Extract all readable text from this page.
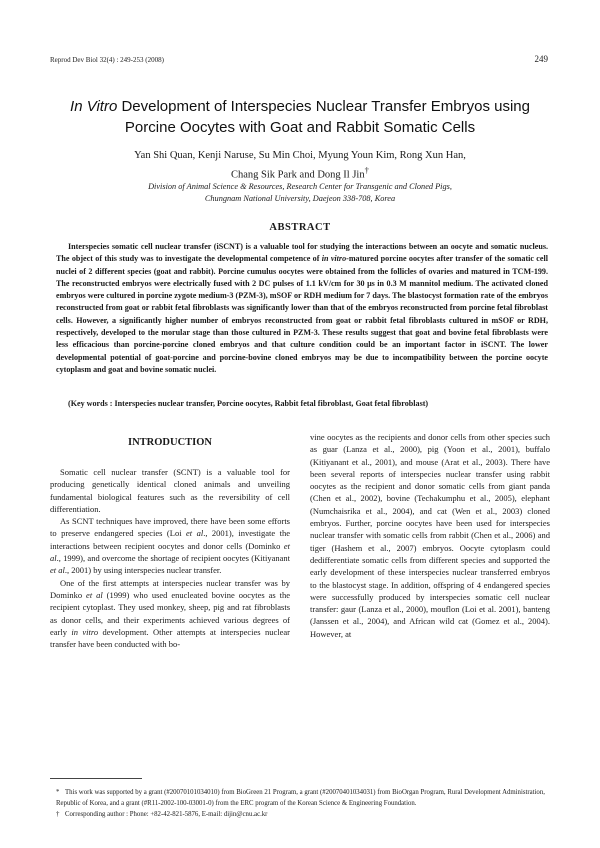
Reprod Dev Biol 32(4) : 249-253 (2008)	249
In Vitro Development of Interspecies Nuclear Transfer Embryos using
Porcine Oocytes with Goat and Rabbit Somatic Cells
Yan Shi Quan, Kenji Naruse, Su Min Choi, Myung Youn Kim, Rong Xun Han,
Chang Sik Park and Dong Il Jin†
Division of Animal Science & Resources, Research Center for Transgenic and Cloned Pigs,
Chungnam National University, Daejeon 338-708, Korea
ABSTRACT

Interspecies somatic cell nuclear transfer (iSCNT) is a valuable tool for studying the interactions between an oocyte and somatic nucleus. The object of this study was to investigate the developmental competence of in vitro-matured porcine oocytes after transfer of the somatic cell nuclei of 2 different species (goat and rabbit). Porcine cumulus oocytes were obtained from the follicles of ovaries and matured in TCM-199. The reconstructed embryos were electrically fused with 2 DC pulses of 1.1 kV/cm for 30 μs in 0.3 M mannitol medium. The activated cloned embryos were cultured in porcine zygote medium-3 (PZM-3), mSOF or RDH medium for 7 days. The blastocyst formation rate of the embryos reconstructed from goat or rabbit fetal fibroblasts was significantly lower than that of the embryos reconstructed from porcine fetal fibroblast cells. However, a significantly higher number of embryos reconstructed from goat or rabbit fetal fibroblasts cultured in mSOF or RDH, respectively, developed to the morular stage than those cultured in PZM-3. These results suggest that goat and bovine fetal fibroblasts were less efficacious than porcine-porcine cloned embryos and that culture condition could be an important factor in iSCNT. The lower developmental potential of goat-porcine and porcine-bovine cloned embryos may be due to incompatibility between the porcine oocyte cytoplasm and goat and bovine somatic nuclei.

(Key words : Interspecies nuclear transfer, Porcine oocytes, Rabbit fetal fibroblast, Goat fetal fibroblast)

INTRODUCTION

Somatic cell nuclear transfer (SCNT) is a valuable tool for producing genetically identical cloned animals and unveiling fundamental biological features such as the reversibility of cell differentiation.

As SCNT techniques have improved, there have been some efforts to preserve endangered species (Loi et al., 2001), investigate the interactions between recipient oocytes and donor cells (Dominko et al., 1999), and overcome the shortage of recipient oocytes (Kitiyanant et al., 2001) by using interspecies nuclear transfer.

One of the first attempts at interspecies nuclear transfer was by Dominko et al (1999) who used enucleated bovine oocytes as the recipient cytoplast. They used monkey, sheep, pig and rat fibroblasts as donor cells, and their experiments achieved various degrees of early in vitro development. Other attempts at interspecies nuclear transfer have been conducted with bo-

vine oocytes as the recipients and donor cells from other species such as guar (Lanza et al., 2000), pig (Yoon et al., 2001), buffalo (Kitiyanant et al., 2001), and mouse (Arat et al., 2003). There have been several reports of interspecies nuclear transfer using rabbit oocytes as the recipient and donor somatic cells from giant panda (Chen et al., 2002), bovine (Techakumphu et al., 2005), elephant (Numchaisrika et al., 2004), and cat (Wen et al., 2003) cloned embryos. Further, porcine oocytes have been used for interspecies nuclear transfer with somatic cells from rabbit (Chen et al., 2006) and tiger (Hashem et al., 2007) embryos. Oocyte cytoplasm could dedifferentiate somatic cells from different species and supported the early development of these interspecies nuclear transferred embryos to the blastocyst stage. In addition, offspring of 4 endangered species were successfully produced by interspecies somatic cell nuclear transfer: gaur (Lanza et al., 2000), mouflon (Loi et al. 2001), banteng (Janssen et al., 2004), and African wild cat (Gomez et al., 2004). However, at

* This work was supported by a grant (#20070101034010) from BioGreen 21 Program, a grant (#20070401034031) from BioOrgan Program, Rural Development Administration, Republic of Korea, and a grant (#R11-2002-100-03001-0) from the ERC program of the Korean Science & Engineering Foundation.

† Corresponding author : Phone: +82-42-821-5876, E-mail: dijin@cnu.ac.kr
